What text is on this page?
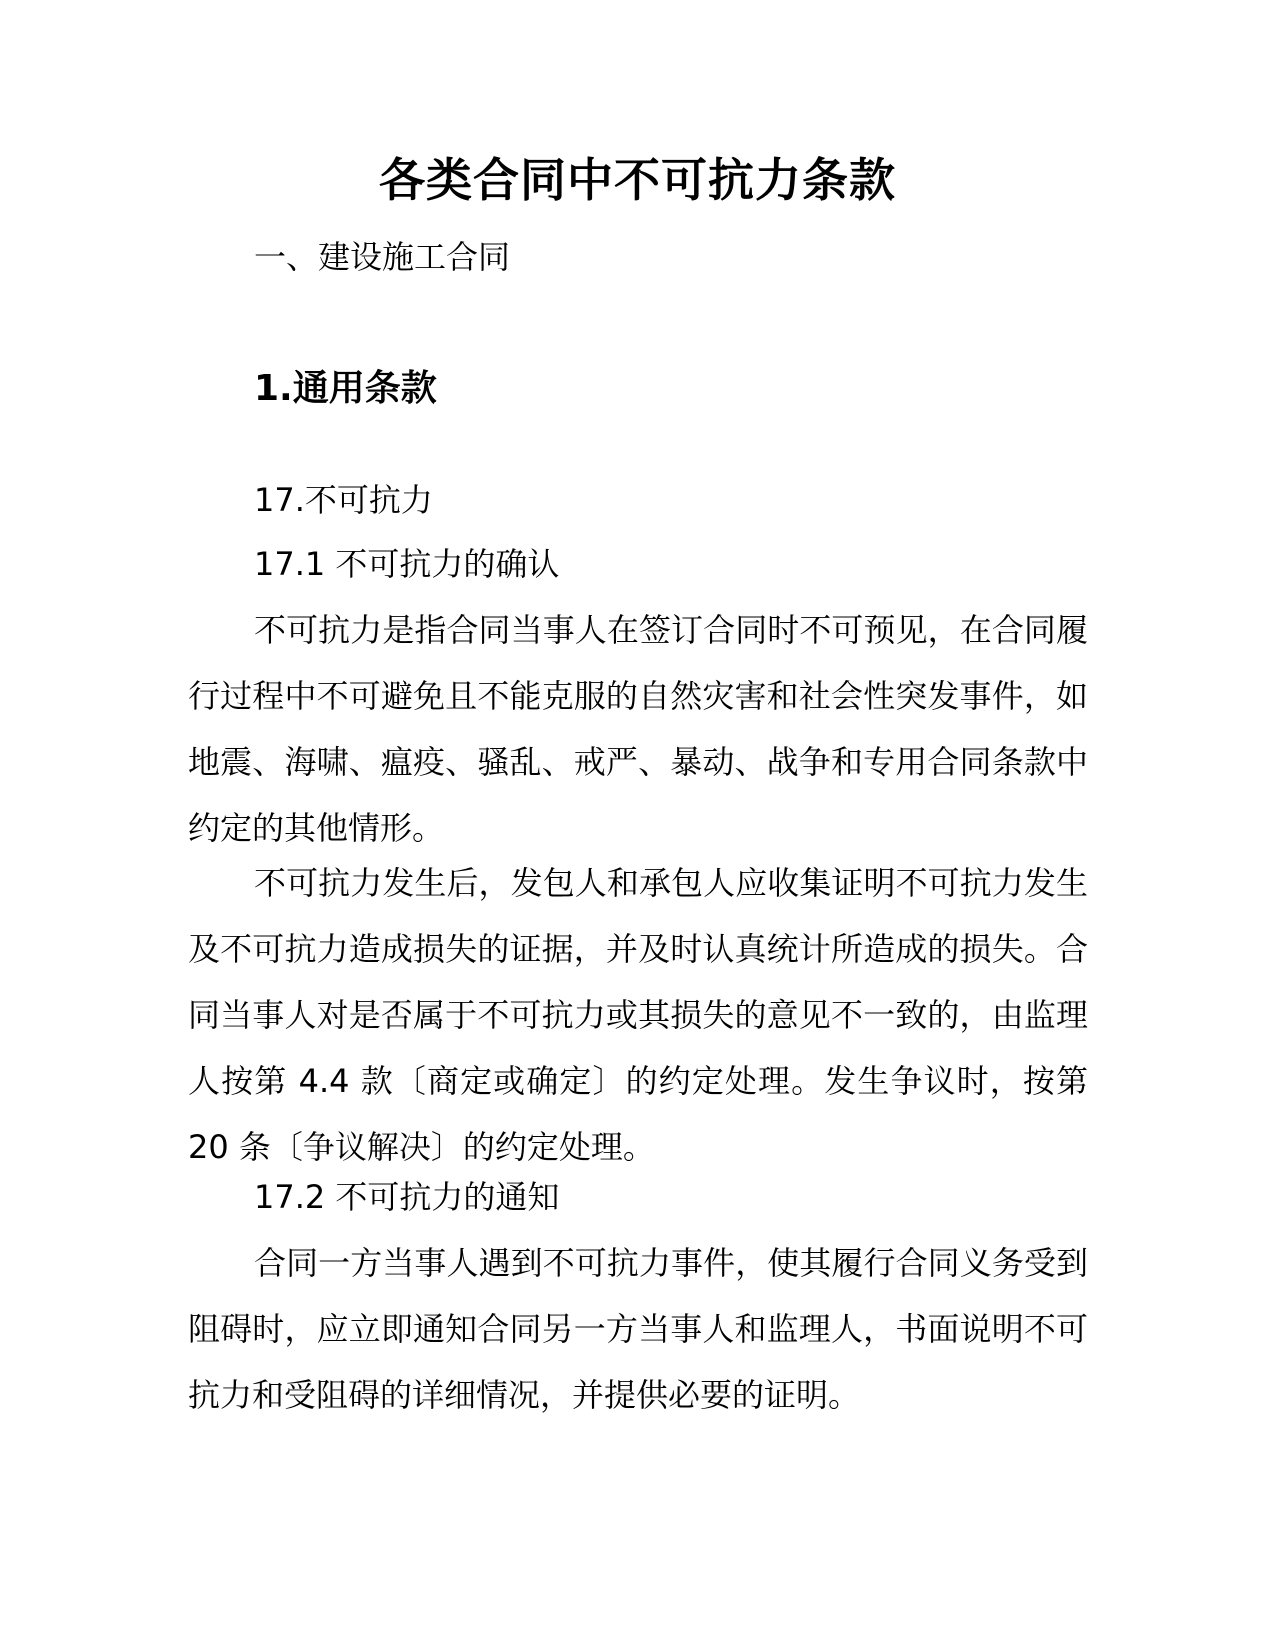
各类合同中不可抗力条款
一、建设施工合同
1.通用条款
17.不可抗力
17.1 不可抗力的确认
不可抗力是指合同当事人在签订合同时不可预见，在合同履行过程中不可避免且不能克服的自然灾害和社会性突发事件，如地震、海啸、瘟疫、骚乱、戒严、暴动、战争和专用合同条款中约定的其他情形。
不可抗力发生后，发包人和承包人应收集证明不可抗力发生及不可抗力造成损失的证据，并及时认真统计所造成的损失。合同当事人对是否属于不可抗力或其损失的意见不一致的，由监理人按第 4.4 款〔商定或确定〕的约定处理。发生争议时，按第 20 条〔争议解决〕的约定处理。
17.2 不可抗力的通知
合同一方当事人遇到不可抗力事件，使其履行合同义务受到阻碍时，应立即通知合同另一方当事人和监理人，书面说明不可抗力和受阻碍的详细情况，并提供必要的证明。
